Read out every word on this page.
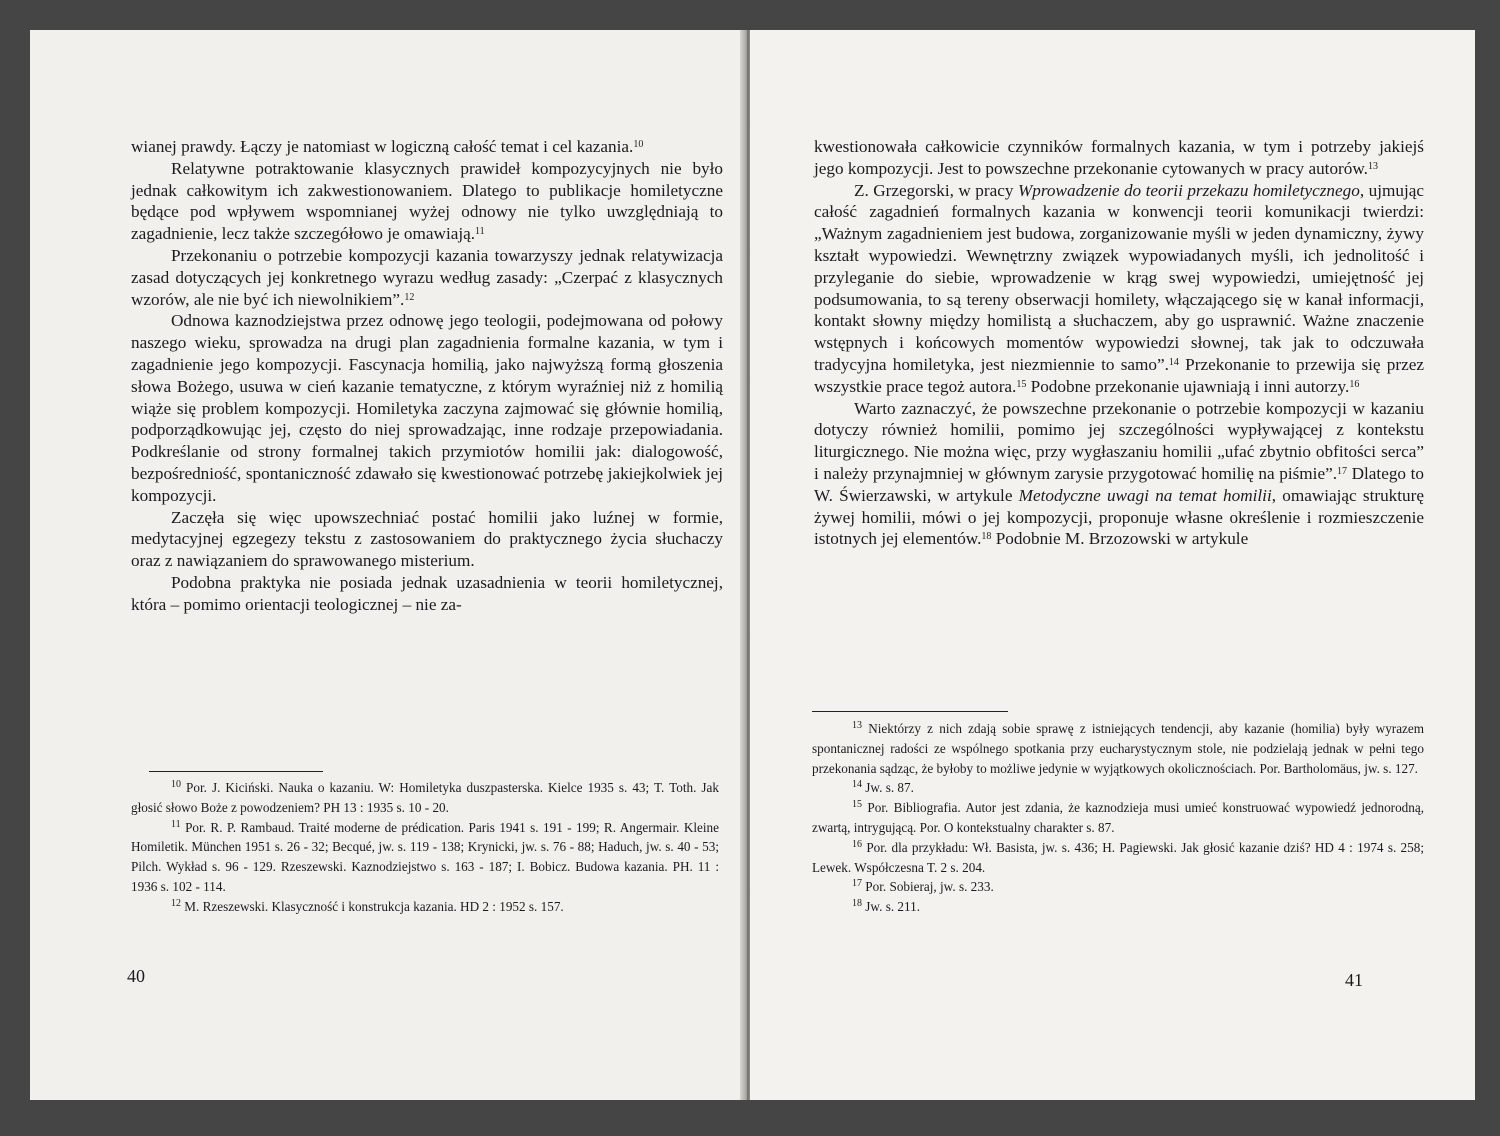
wianej prawdy. Łączy je natomiast w logiczną całość temat i cel kazania.$^{10}$

Relatywne potraktowanie klasycznych prawideł kompozycyjnych nie było jednak całkowitym ich zakwestionowaniem. Dlatego to publikacje homiletyczne będące pod wpływem wspomnianej wyżej odnowy nie tylko uwzględniają to zagadnienie, lecz także szczegółowo je omawiają.$^{11}$

Przekonaniu o potrzebie kompozycji kazania towarzyszy jednak relatywizacja zasad dotyczących jej konkretnego wyrazu według zasady: „Czerpać z klasycznych wzorów, ale nie być ich niewolnikiem”.$^{12}$

Odnowa kaznodziejstwa przez odnowę jego teologii, podejmowana od połowy naszego wieku, sprowadza na drugi plan zagadnienia formalne kazania, w tym i zagadnienie jego kompozycji. Fascynacja homilią, jako najwyższą formą głoszenia słowa Bożego, usuwa w cień kazanie tematyczne, z którym wyraźniej niż z homilią wiąże się problem kompozycji. Homiletyka zaczyna zajmować się głównie homilią, podporządkowując jej, często do niej sprowadzając, inne rodzaje przepowiadania. Podkreślanie od strony formalnej takich przymiotów homilii jak: dialogowość, bezpośredniość, spontaniczność zdawało się kwestionować potrzebę jakiejkolwiek jej kompozycji.

Zaczęła się więc upowszechniać postać homilii jako luźnej w formie, medytacyjnej egzegezy tekstu z zastosowaniem do praktycznego życia słuchaczy oraz z nawiązaniem do sprawowanego misterium.

Podobna praktyka nie posiada jednak uzasadnienia w teorii homiletycznej, która – pomimo orientacji teologicznej – nie za-

$^{10}$ Por. J. Kiciński. Nauka o kazaniu. W: Homiletyka duszpasterska. Kielce 1935 s. 43; T. Toth. Jak głosić słowo Boże z powodzeniem? PH 13 : 1935 s. 10 - 20.

$^{11}$ Por. R. P. Rambaud. Traité moderne de prédication. Paris 1941 s. 191 - 199; R. Angermair. Kleine Homiletik. München 1951 s. 26 - 32; Becqué, jw. s. 119 - 138; Krynicki, jw. s. 76 - 88; Haduch, jw. s. 40 - 53; Pilch. Wykład s. 96 - 129. Rzeszewski. Kaznodziejstwo s. 163 - 187; I. Bobicz. Budowa kazania. PH. 11 : 1936 s. 102 - 114.

$^{12}$ M. Rzeszewski. Klasyczność i konstrukcja kazania. HD 2 : 1952 s. 157.

40

kwestionowała całkowicie czynników formalnych kazania, w tym i potrzeby jakiejś jego kompozycji. Jest to powszechne przekonanie cytowanych w pracy autorów.$^{13}$

Z. Grzegorski, w pracy Wprowadzenie do teorii przekazu homiletycznego, ujmując całość zagadnień formalnych kazania w konwencji teorii komunikacji twierdzi: „Ważnym zagadnieniem jest budowa, zorganizowanie myśli w jeden dynamiczny, żywy kształt wypowiedzi. Wewnętrzny związek wypowiadanych myśli, ich jednolitość i przyleganie do siebie, wprowadzenie w krąg swej wypowiedzi, umiejętność jej podsumowania, to są tereny obserwacji homilety, włączającego się w kanał informacji, kontakt słowny między homilistą a słuchaczem, aby go usprawnić. Ważne znaczenie wstępnych i końcowych momentów wypowiedzi słownej, tak jak to odczuwała tradycyjna homiletyka, jest niezmiennie to samo”.$^{14}$ Przekonanie to przewija się przez wszystkie prace tegoż autora.$^{15}$ Podobne przekonanie ujawniają i inni autorzy.$^{16}$

Warto zaznaczyć, że powszechne przekonanie o potrzebie kompozycji w kazaniu dotyczy również homilii, pomimo jej szczególności wypływającej z kontekstu liturgicznego. Nie można więc, przy wygłaszaniu homilii „ufać zbytnio obfitości serca” i należy przynajmniej w głównym zarysie przygotować homilię na piśmie”.$^{17}$ Dlatego to W. Świerzawski, w artykule Metodyczne uwagi na temat homilii, omawiając strukturę żywej homilii, mówi o jej kompozycji, proponuje własne określenie i rozmieszczenie istotnych jej elementów.$^{18}$ Podobnie M. Brzozowski w artykule

$^{13}$ Niektórzy z nich zdają sobie sprawę z istniejących tendencji, aby kazanie (homilia) były wyrazem spontanicznej radości ze wspólnego spotkania przy eucharystycznym stole, nie podzielają jednak w pełni tego przekonania sądząc, że byłoby to możliwe jedynie w wyjątkowych okolicznościach. Por. Bartholomäus, jw. s. 127.

$^{14}$ Jw. s. 87.

$^{15}$ Por. Bibliografia. Autor jest zdania, że kaznodzieja musi umieć konstruować wypowiedź jednorodną, zwartą, intrygującą. Por. O kontekstualny charakter s. 87.

$^{16}$ Por. dla przykładu: Wł. Basista, jw. s. 436; H. Pagiewski. Jak głosić kazanie dziś? HD 4 : 1974 s. 258; Lewek. Współczesna T. 2 s. 204.

$^{17}$ Por. Sobieraj, jw. s. 233.

$^{18}$ Jw. s. 211.

41
